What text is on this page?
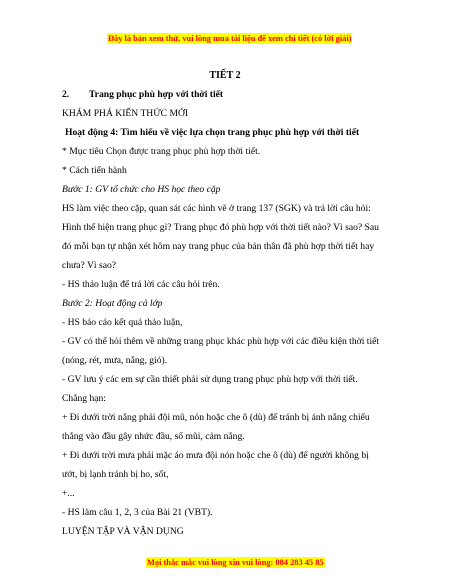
Đây là bản xem thử, vui lòng mua tài liệu để xem chi tiết (có lời giải)
TIẾT 2
2. Trang phục phù hợp với thời tiết
KHÁM PHÁ KIẾN THỨC MỚI
Hoạt động 4: Tìm hiểu về việc lựa chọn trang phục phù hợp với thời tiết
* Mục tiêu Chọn được trang phục phù hợp thời tiết.
* Cách tiến hành
Bước 1: GV tổ chức cho HS học theo cặp
HS làm việc theo cặp, quan sát các hình vẽ ở trang 137 (SGK) và trả lời câu hỏi:
Hình thể hiện trang phục gì? Trang phục đó phù hợp với thời tiết nào? Vì sao? Sau
đó mỗi bạn tự nhận xét hôm nay trang phục của bản thân đã phù hợp thời tiết hay
chưa? Vì sao?
- HS thảo luận để trả lời các câu hỏi trên.
Bước 2: Hoạt động cả lớp
- HS báo cáo kết quả thảo luận,
- GV có thể hỏi thêm về những trang phục khác phù hợp với các điều kiện thời tiết
(nóng, rét, mưa, nắng, gió).
- GV lưu ý các em sự cần thiết phải sử dụng trang phục phù hợp với thời tiết.
Chẳng hạn:
+ Đi dưới trời nắng phải đội mũ, nón hoặc che ô (dù) để tránh bị ánh nắng chiếu
thẳng vào đầu gây nhức đầu, sổ mũi, cảm nắng.
+ Đi dưới trời mưa phải mặc áo mưa đội nón hoặc che ô (dù) để người không bị
ướt, bị lạnh tránh bị ho, sốt,
+...
- HS làm câu 1, 2, 3 của Bài 21 (VBT).
LUYỆN TẬP VÀ VẬN DỤNG
Mọi thắc mắc vui lòng xin vui lòng: 084 283 45 85
